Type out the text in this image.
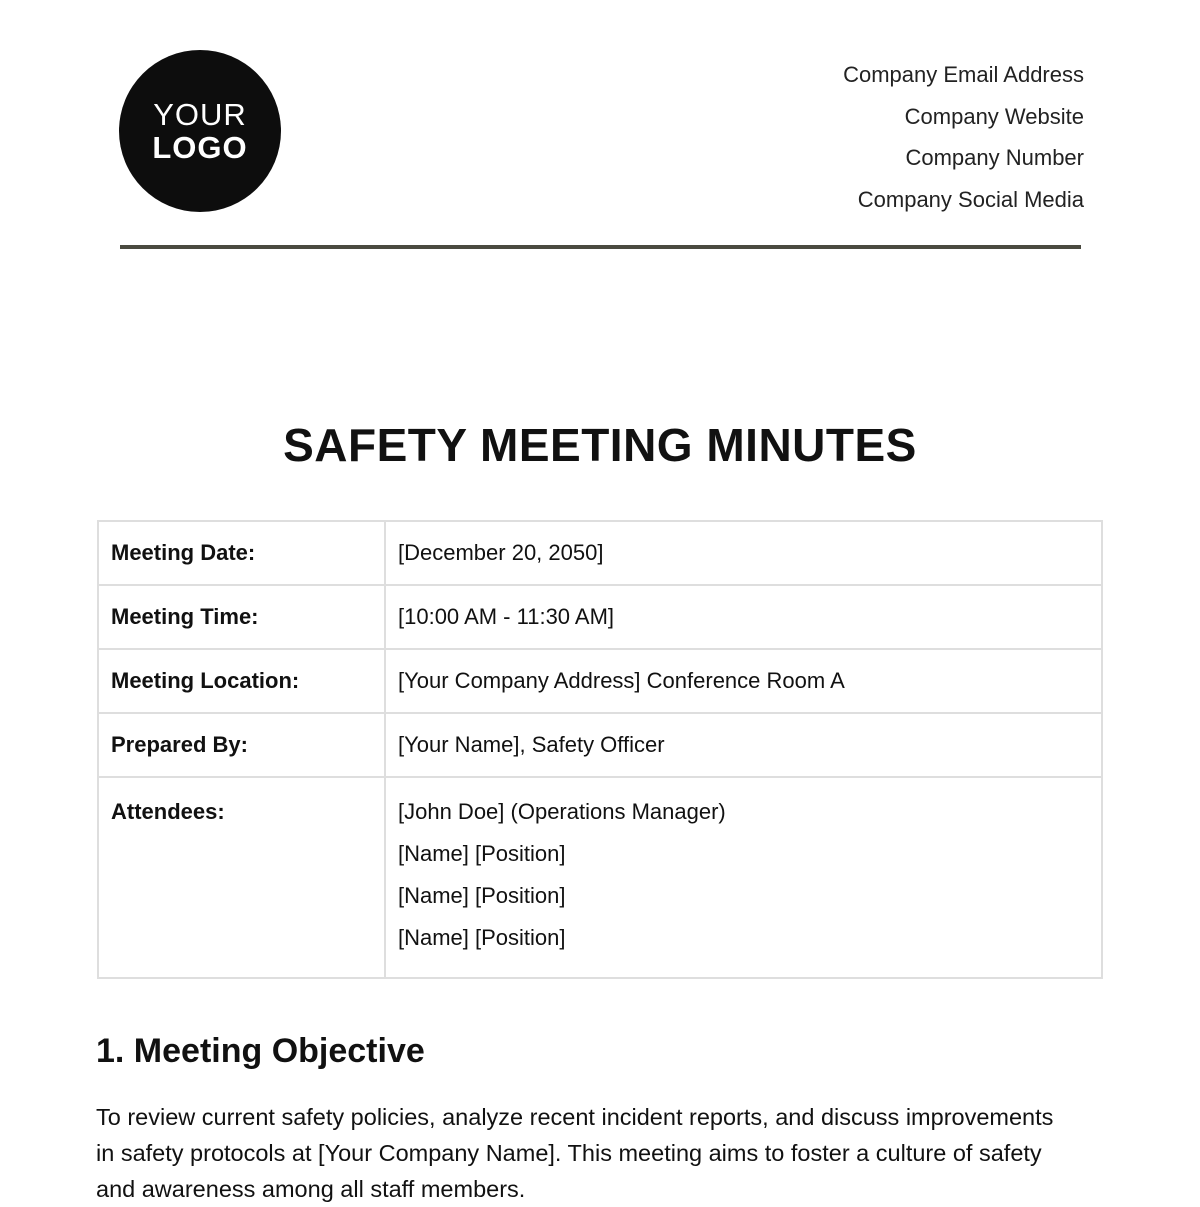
YOUR
LOGO
Company Email Address
Company Website
Company Number
Company Social Media
SAFETY MEETING MINUTES
Meeting Date:	[December 20, 2050]
Meeting Time:	[10:00 AM - 11:30 AM]
Meeting Location:	[Your Company Address] Conference Room A
Prepared By:	[Your Name], Safety Officer
Attendees:	[John Doe] (Operations Manager)
[Name] [Position]
[Name] [Position]
[Name] [Position]
1. Meeting Objective
To review current safety policies, analyze recent incident reports, and discuss improvements in safety protocols at [Your Company Name]. This meeting aims to foster a culture of safety and awareness among all staff members.
